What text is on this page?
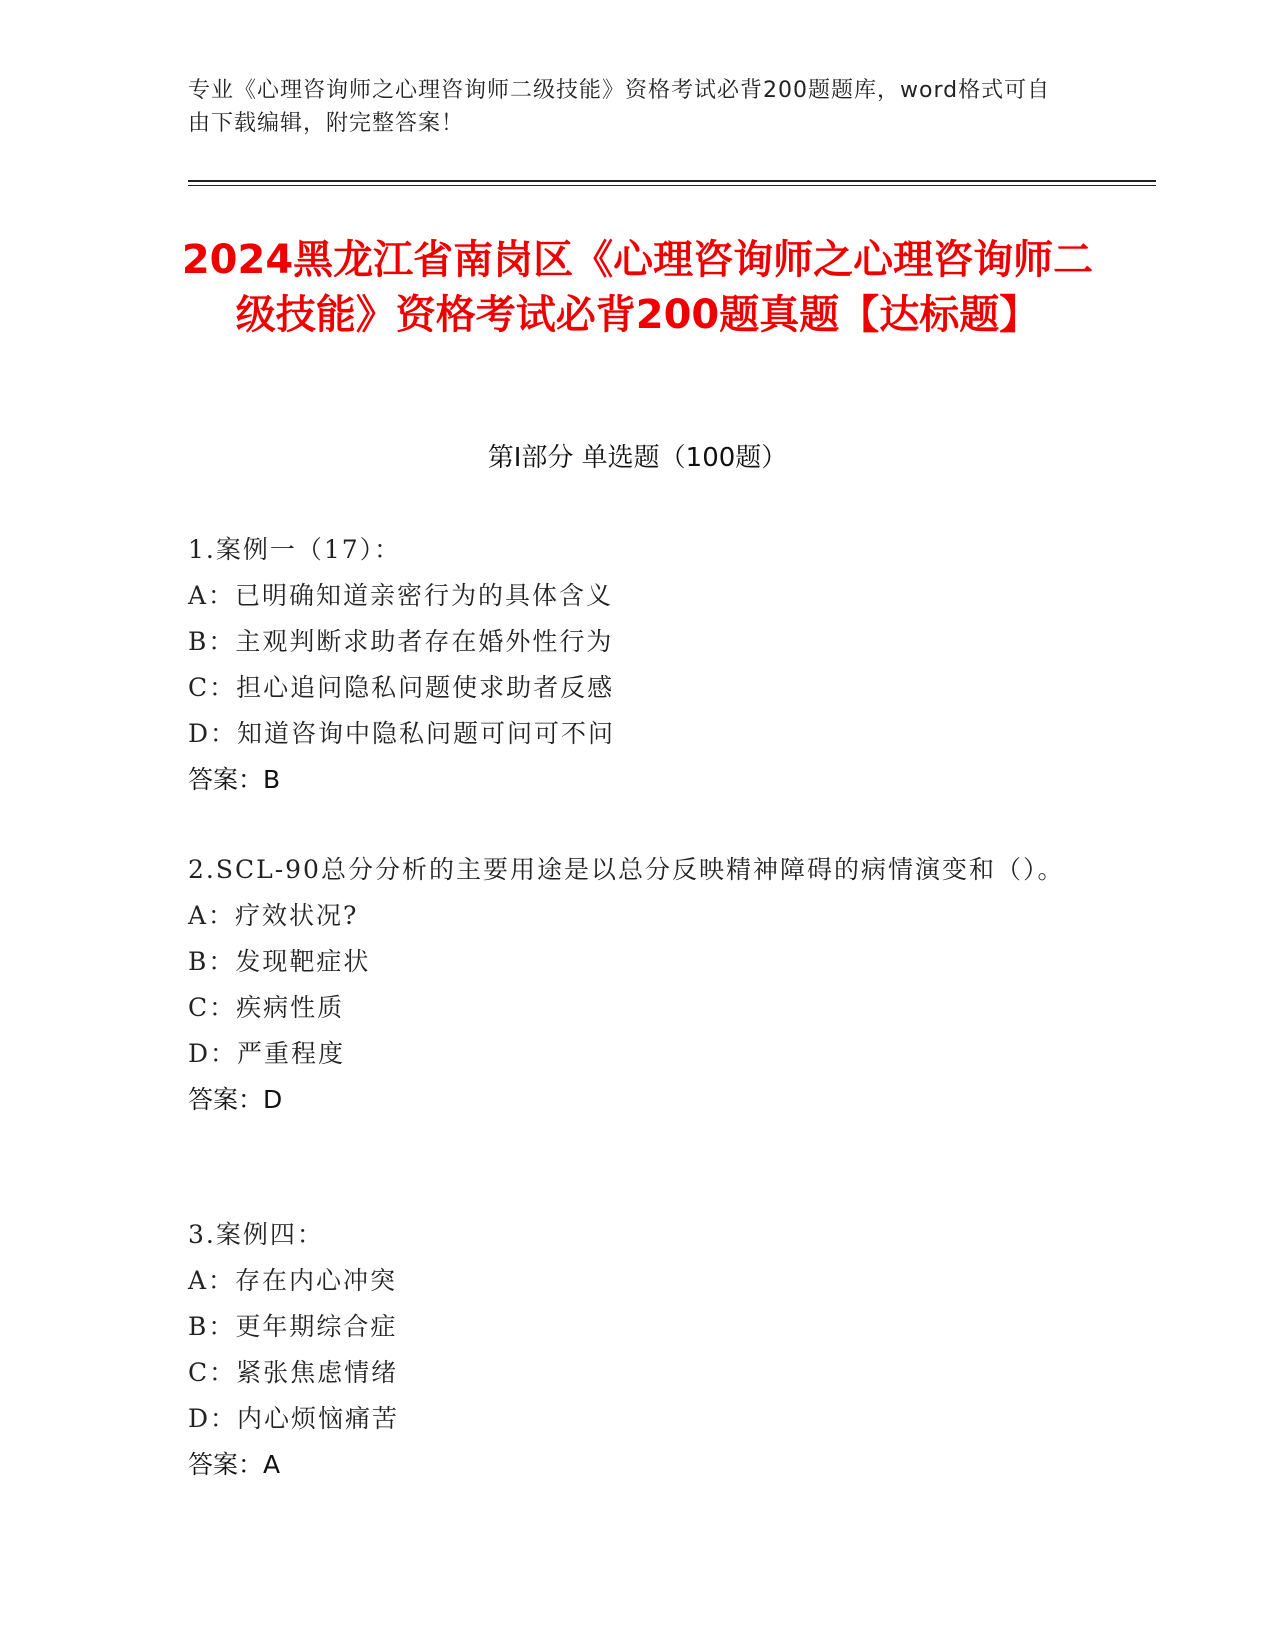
专业《心理咨询师之心理咨询师二级技能》资格考试必背200题题库，word格式可自由下载编辑，附完整答案！
2024黑龙江省南岗区《心理咨询师之心理咨询师二级技能》资格考试必背200题真题【达标题】
第I部分 单选题（100题）
1.案例一（17）：
A：已明确知道亲密行为的具体含义
B：主观判断求助者存在婚外性行为
C：担心追问隐私问题使求助者反感
D：知道咨询中隐私问题可问可不问
答案：B
2.SCL-90总分分析的主要用途是以总分反映精神障碍的病情演变和（）。
A：疗效状况?
B：发现靶症状
C：疾病性质
D：严重程度
答案：D
3.案例四：
A：存在内心冲突
B：更年期综合症
C：紧张焦虑情绪
D：内心烦恼痛苦
答案：A
